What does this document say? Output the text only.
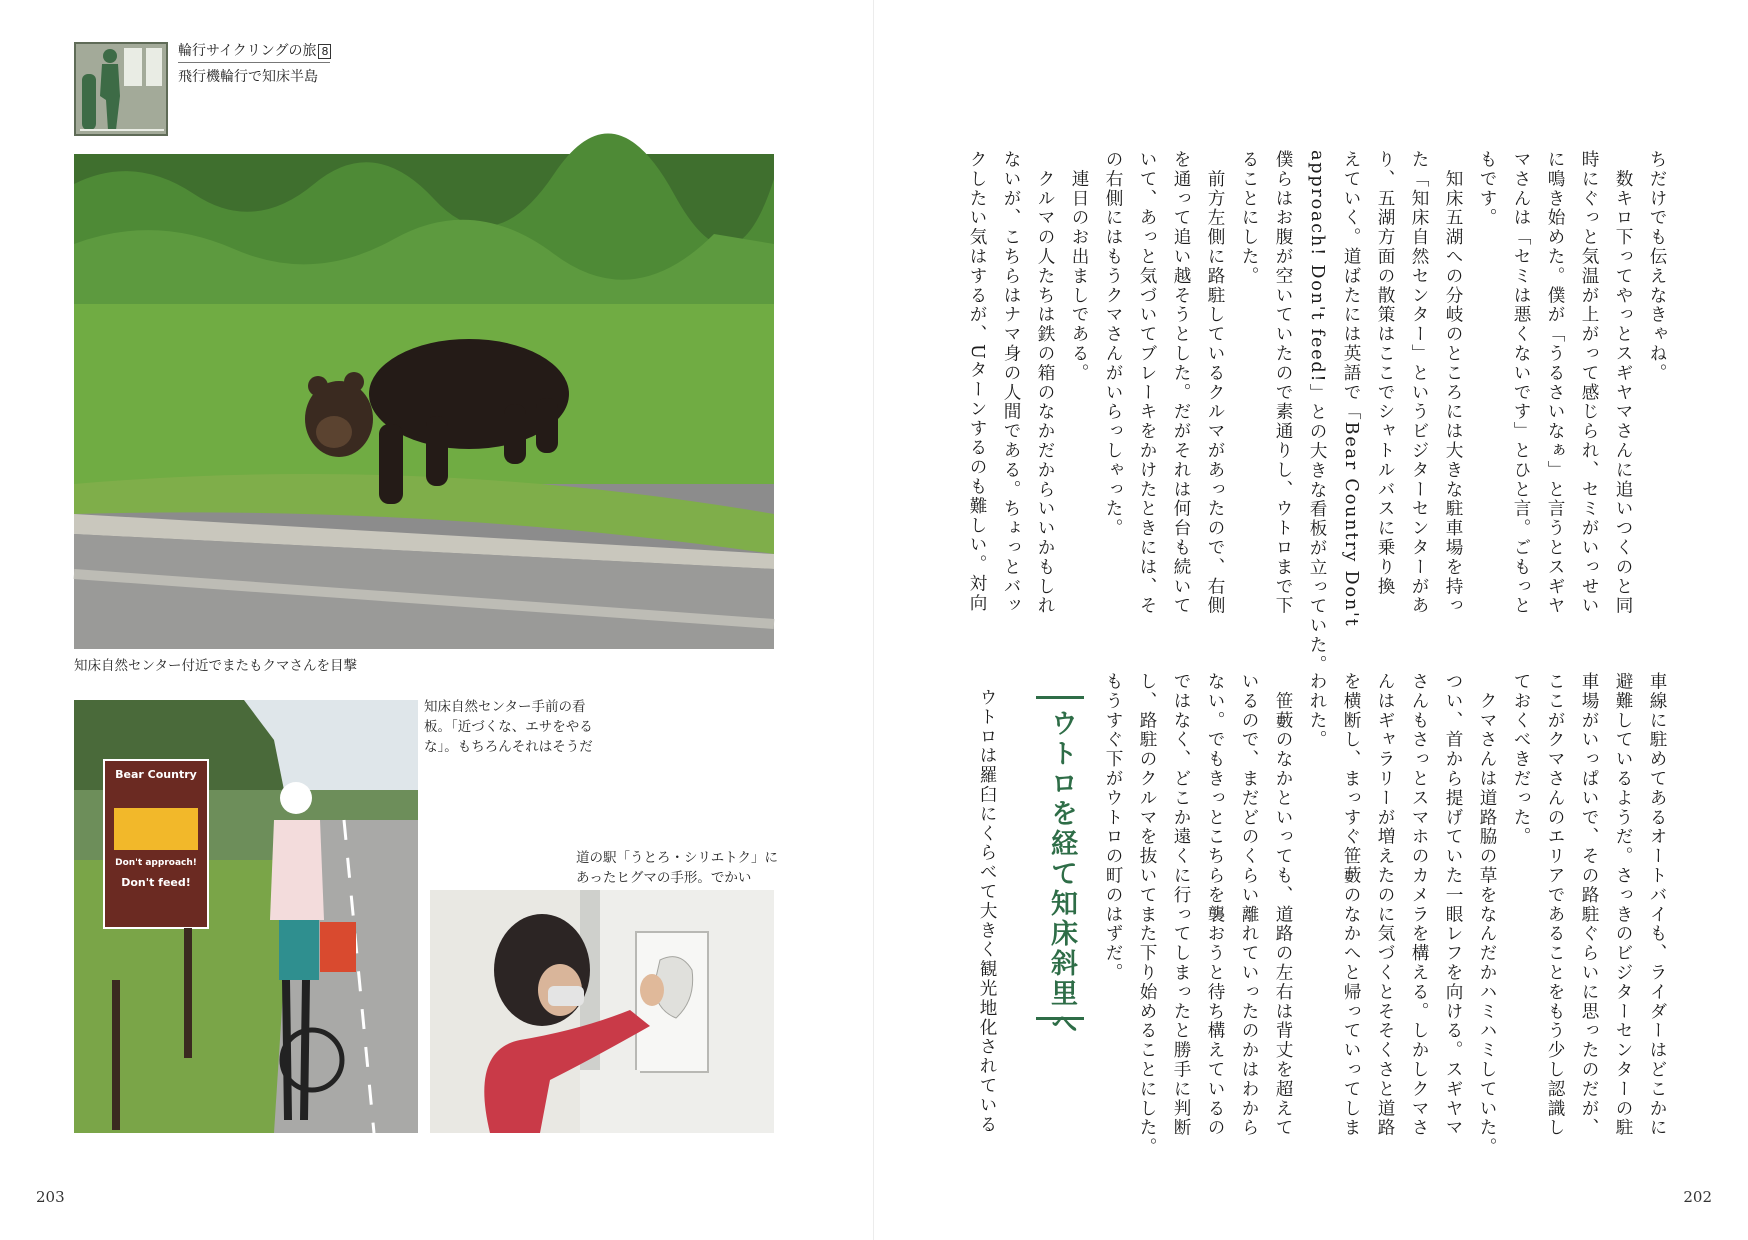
輪行サイクリングの旅 8
飛行機輪行で知床半島

知床自然センター付近でまたもクマさんを目撃

Bear Country
Don't approach!
Don't feed!

知床自然センター手前の看
板。「近づくな、エサをやる
な」。もちろんそれはそうだ

道の駅「うとろ・シリエトク」に
あったヒグマの手形。でかい

203

ちだけでも伝えなきゃね。
　数キロ下ってやっとスギヤマさんに追いつくのと同
時にぐっと気温が上がって感じられ、セミがいっせい
に鳴き始めた。僕が「うるさいなぁ」と言うとスギヤ
マさんは「セミは悪くないです」とひと言。ごもっと
もです。
　知床五湖への分岐のところには大きな駐車場を持っ
た「知床自然センター」というビジターセンターがあ
り、五湖方面の散策はここでシャトルバスに乗り換
えていく。道ばたには英語で「Bear Country Don't
approach! Don't feed!」との大きな看板が立っていた。
僕らはお腹が空いていたので素通りし、ウトロまで下
ることにした。
　前方左側に路駐しているクルマがあったので、右側
を通って追い越そうとした。だがそれは何台も続いて
いて、あっと気づいてブレーキをかけたときには、そ
の右側にはもうクマさんがいらっしゃった。
　連日のお出ましである。
　クルマの人たちは鉄の箱のなかだからいいかもしれ
ないが、こちらはナマ身の人間である。ちょっとバッ
クしたい気はするが、Uターンするのも難しい。対向

車線に駐めてあるオートバイも、ライダーはどこかに
避難しているようだ。さっきのビジターセンターの駐
車場がいっぱいで、その路駐ぐらいに思ったのだが、
ここがクマさんのエリアであることをもう少し認識し
ておくべきだった。
　クマさんは道路脇の草をなんだかハミハミしていた。
つい、首から提げていた一眼レフを向ける。スギヤマ
さんもさっとスマホのカメラを構える。しかしクマさ
んはギャラリーが増えたのに気づくとそそくさと道路
を横断し、まっすぐ笹藪のなかへと帰っていってしま
われた。
　笹藪のなかといっても、道路の左右は背丈を超えて
いるので、まだどのくらい離れていったのかはわから
ない。でもきっとこちらを襲おうと待ち構えているの
ではなく、どこか遠くに行ってしまったと勝手に判断
し、路駐のクルマを抜いてまた下り始めることにした。
もうすぐ下がウトロの町のはずだ。

202

ウトロを経て知床斜里へ

ウトロは羅臼にくらべて大きく観光地化されている
